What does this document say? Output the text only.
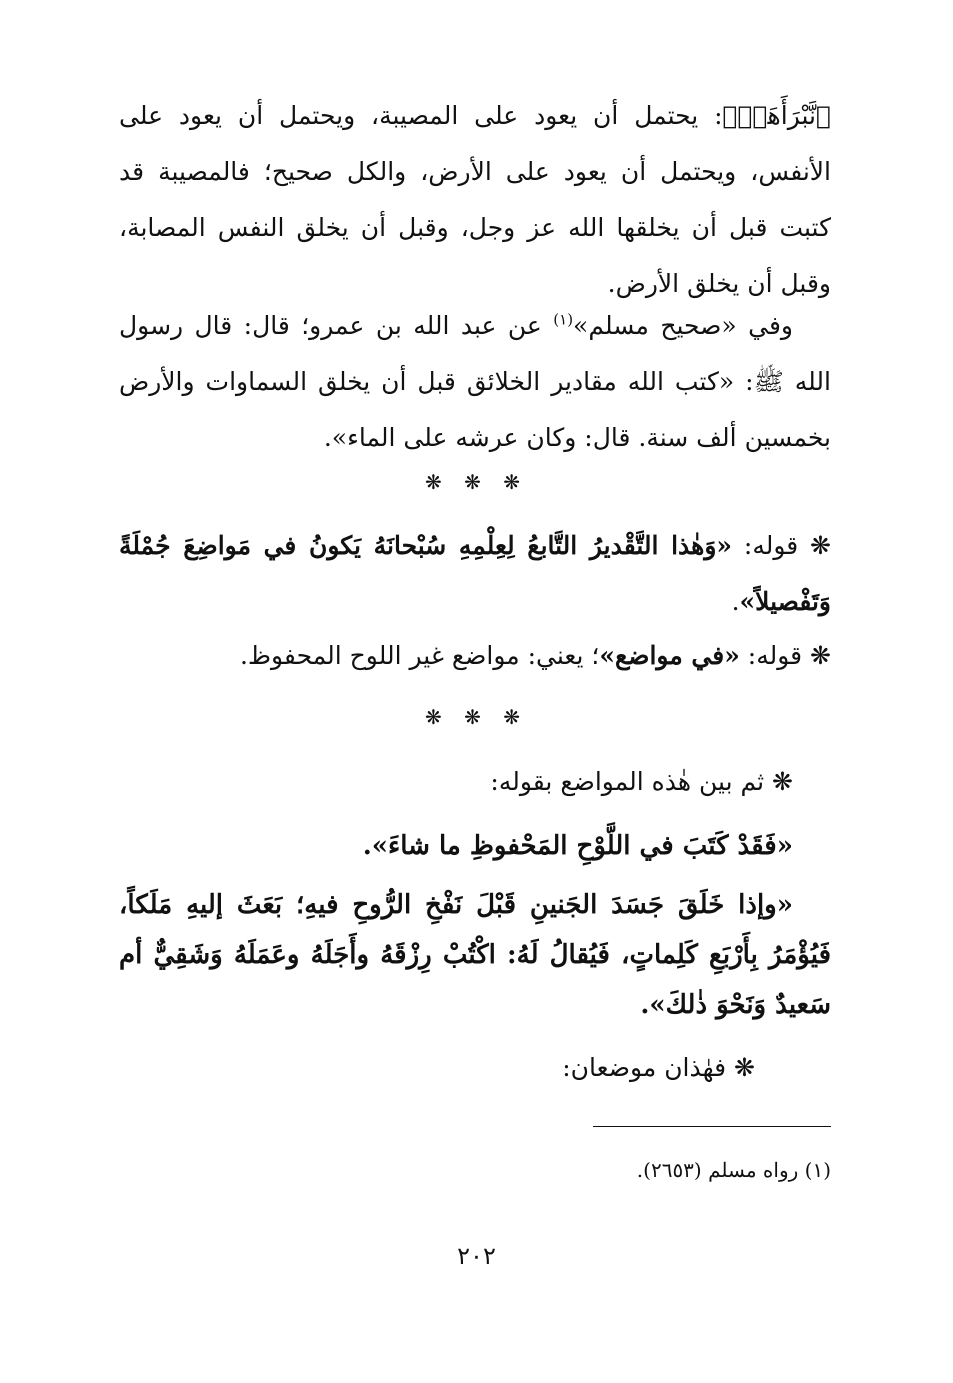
﴿نَّبْرَأَهَآۚ﴾: يحتمل أن يعود على المصيبة، ويحتمل أن يعود على الأنفس، ويحتمل أن يعود على الأرض، والكل صحيح؛ فالمصيبة قد كتبت قبل أن يخلقها الله عز وجل، وقبل أن يخلق النفس المصابة، وقبل أن يخلق الأرض.
وفي «صحيح مسلم»$^{(١)}$ عن عبد الله بن عمرو؛ قال: قال رسول الله ﷺ: «كتب الله مقادير الخلائق قبل أن يخلق السماوات والأرض بخمسين ألف سنة. قال: وكان عرشه على الماء».
❋ ❋ ❋
❋ قوله: «وَهٰذا التَّقْديرُ التَّابعُ لِعِلْمِهِ سُبْحانَهُ يَكونُ في مَواضِعَ جُمْلَةً وَتَفْصيلاً».
❋ قوله: «في مواضع»؛ يعني: مواضع غير اللوح المحفوظ.
❋ ❋ ❋
❋ ثم بين هٰذه المواضع بقوله:
«فَقَدْ كَتَبَ في اللَّوْحِ المَحْفوظِ ما شاءَ».
«وإذا خَلَقَ جَسَدَ الجَنينِ قَبْلَ نَفْخِ الرُّوحِ فيهِ؛ بَعَثَ إليهِ مَلَكاً، فَيُؤْمَرُ بِأَرْبَعِ كَلِماتٍ، فَيُقالُ لَهُ: اكْتُبْ رِزْقَهُ وأَجَلَهُ وعَمَلَهُ وَشَقِيٌّ أم سَعيدٌ وَنَحْوَ ذٰلكَ».
❋ فهٰذان موضعان:
(١) رواه مسلم (٢٦٥٣).
٢٠٢
